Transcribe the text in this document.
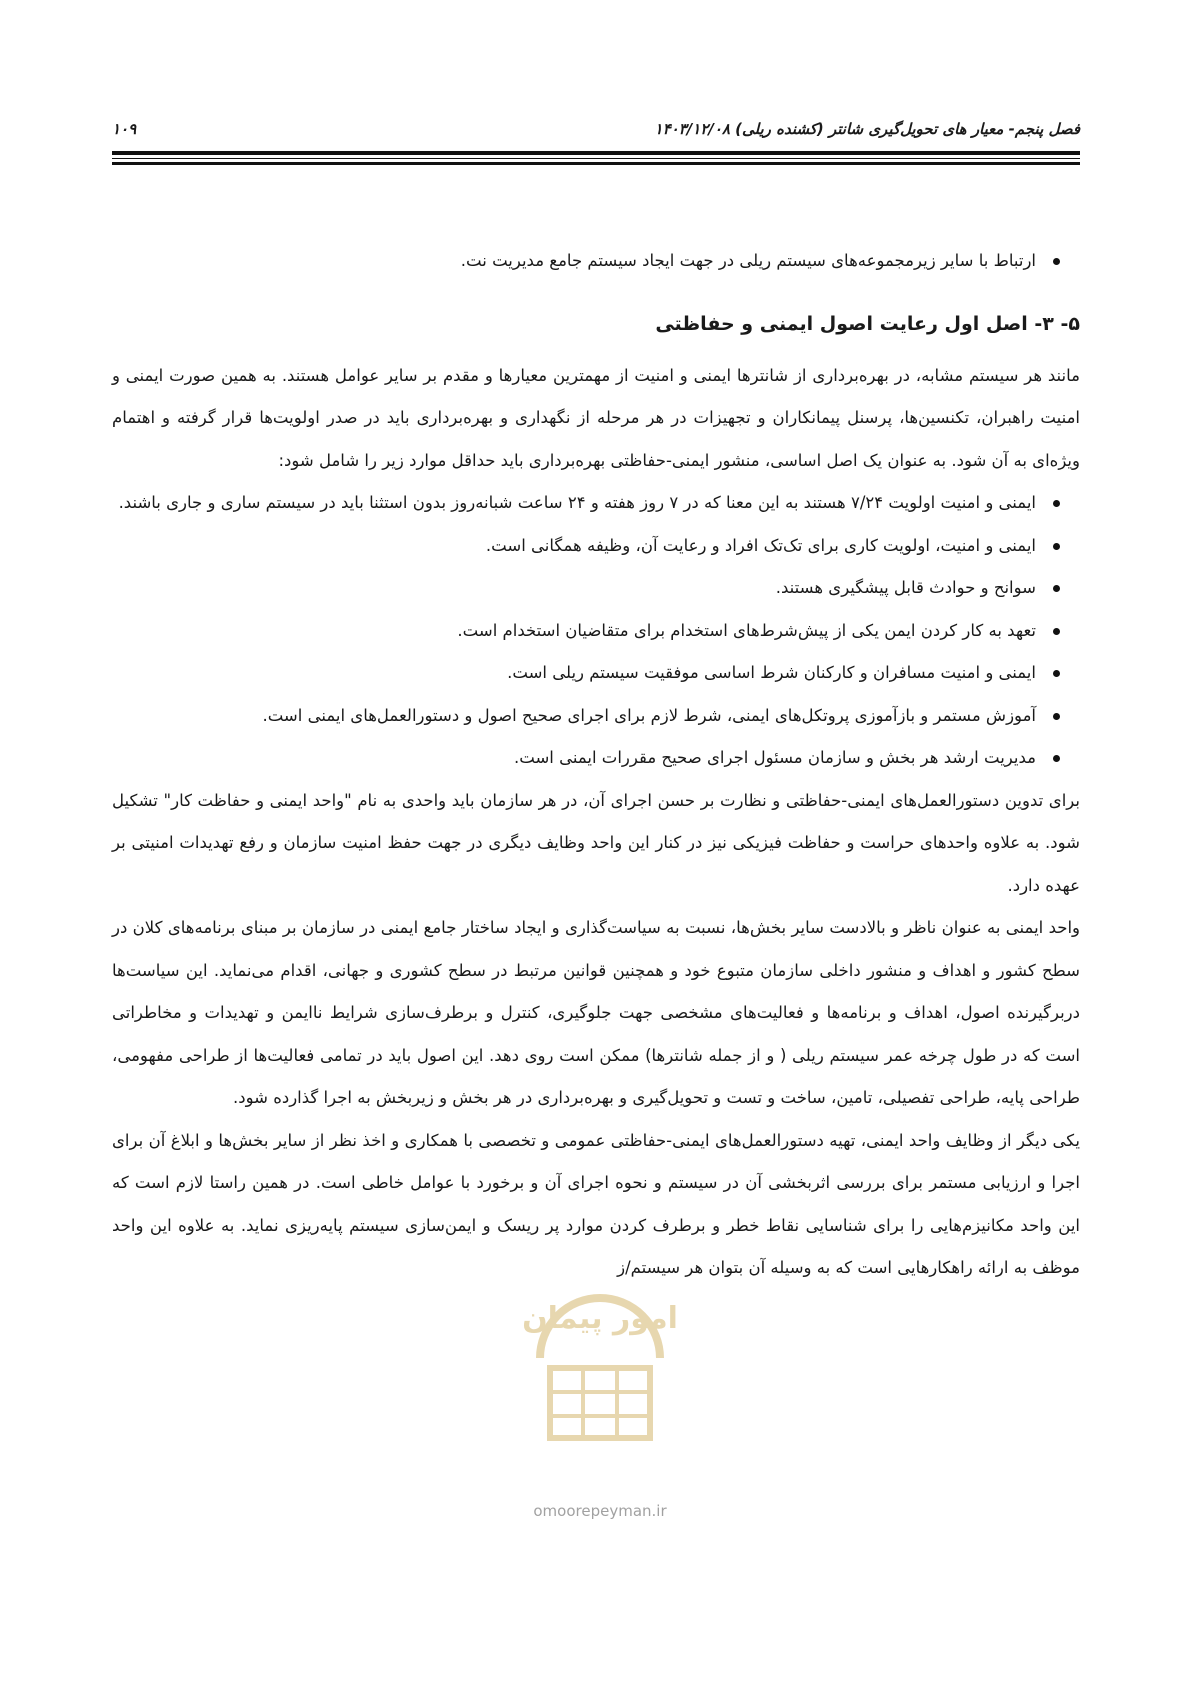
فصل پنجم- معیار های تحویل‌گیری شانتر (کشنده ریلی) ۱۴۰۳/۱۲/۰۸
۱۰۹
ارتباط با سایر زیرمجموعه‌های سیستم ریلی در جهت ایجاد سیستم جامع مدیریت نت.
۵- ۳- اصل اول رعایت اصول ایمنی و حفاظتی

مانند هر سیستم مشابه، در بهره‌برداری از شانترها ایمنی و امنیت از مهمترین معیارها و مقدم بر سایر عوامل هستند. به همین صورت ایمنی و امنیت راهبران، تکنسین‌ها، پرسنل پیمانکاران و تجهیزات در هر مرحله از نگهداری و بهره‌برداری باید در صدر اولویت‌ها قرار گرفته و اهتمام ویژه‌ای به آن شود. به عنوان یک اصل اساسی، منشور ایمنی-حفاظتی بهره‌برداری باید حداقل موارد زیر را شامل شود:

ایمنی و امنیت اولویت ۷/۲۴ هستند به این معنا که در ۷ روز هفته و ۲۴ ساعت شبانه‌روز بدون استثنا باید در سیستم ساری و جاری باشند.
ایمنی و امنیت، اولویت کاری برای تک‌تک افراد و رعایت آن، وظیفه همگانی است.
سوانح و حوادث قابل پیشگیری هستند.
تعهد به کار کردن ایمن یکی از پیش‌شرط‌های استخدام برای متقاضیان استخدام است.
ایمنی و امنیت مسافران و کارکنان شرط اساسی موفقیت سیستم ریلی است.
آموزش مستمر و بازآموزی پروتکل‌های ایمنی، شرط لازم برای اجرای صحیح اصول و دستورالعمل‌های ایمنی است.
مدیریت ارشد هر بخش و سازمان مسئول اجرای صحیح مقررات ایمنی است.

برای تدوین دستورالعمل‌های ایمنی-حفاظتی و نظارت بر حسن اجرای آن، در هر سازمان باید واحدی به نام "واحد ایمنی و حفاظت کار" تشکیل شود. به علاوه واحدهای حراست و حفاظت فیزیکی نیز در کنار این واحد وظایف دیگری در جهت حفظ امنیت سازمان و رفع تهدیدات امنیتی بر عهده دارد.

واحد ایمنی به عنوان ناظر و بالادست سایر بخش‌ها، نسبت به سیاست‌گذاری و ایجاد ساختار جامع ایمنی در سازمان بر مبنای برنامه‌های کلان در سطح کشور و اهداف و منشور داخلی سازمان متبوع خود و همچنین قوانین مرتبط در سطح کشوری و جهانی، اقدام می‌نماید. این سیاست‌ها دربرگیرنده اصول، اهداف و برنامه‌ها و فعالیت‌های مشخصی جهت جلوگیری، کنترل و برطرف‌سازی شرایط ناایمن و تهدیدات و مخاطراتی است که در طول چرخه عمر سیستم ریلی ( و از جمله شانترها) ممکن است روی دهد. این اصول باید در تمامی فعالیت‌ها از طراحی مفهومی، طراحی پایه، طراحی تفصیلی، تامین، ساخت و تست و تحویل‌گیری و بهره‌برداری در هر بخش و زیربخش به اجرا گذارده شود.

یکی دیگر از وظایف واحد ایمنی، تهیه دستورالعمل‌های ایمنی-حفاظتی عمومی و تخصصی با همکاری و اخذ نظر از سایر بخش‌ها و ابلاغ آن برای اجرا و ارزیابی مستمر برای بررسی اثربخشی آن در سیستم و نحوه اجرای آن و برخورد با عوامل خاطی است. در همین راستا لازم است که این واحد مکانیزم‌هایی را برای شناسایی نقاط خطر و برطرف کردن موارد پر ریسک و ایمن‌سازی سیستم پایه‌ریزی نماید. به علاوه این واحد موظف به ارائه راهکارهایی است که به وسیله آن بتوان هر سیستم/ز

امور پیمان
omoorepeyman.ir
